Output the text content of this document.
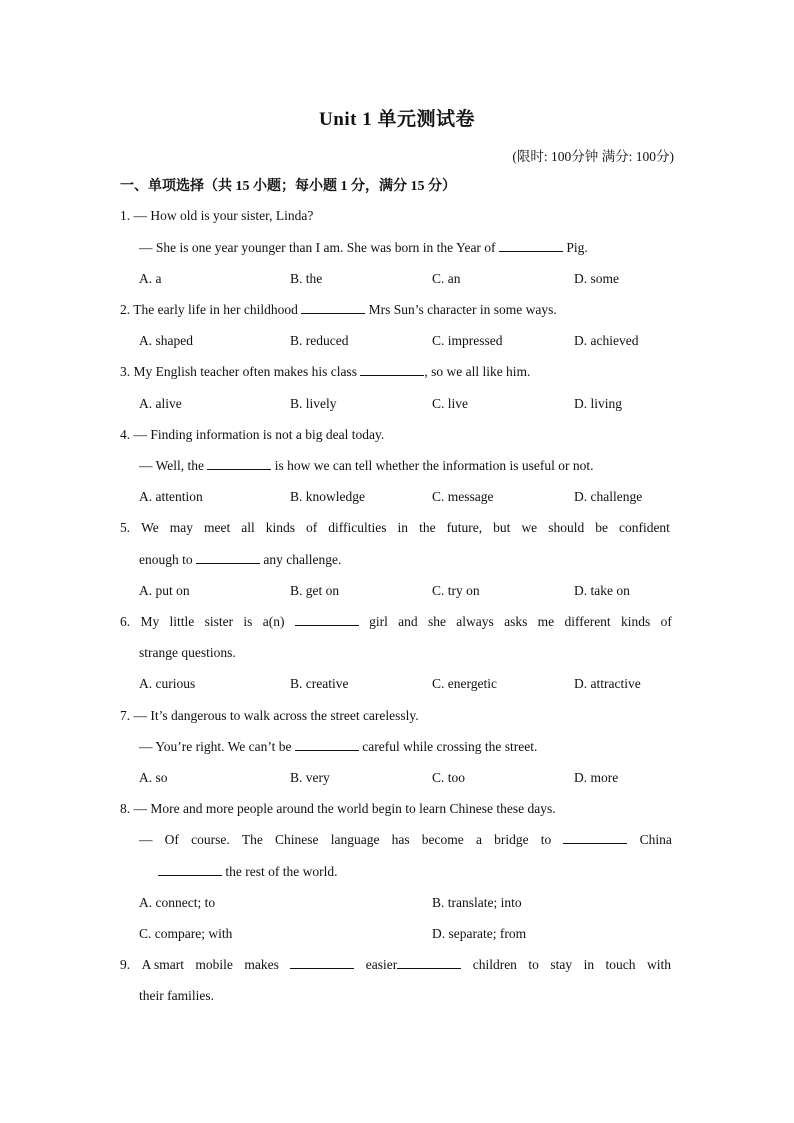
Unit 1 单元测试卷
(限时: 100分钟 满分: 100分)
一、单项选择（共 15 小题；每小题 1 分，满分 15 分）
1. — How old is your sister, Linda?
— She is one year younger than I am. She was born in the Year of	Pig.
A. a	B. the	C. an	D. some
2. The early life in her childhood	Mrs Sun’s character in some ways.
A. shaped	B. reduced	C. impressed	D. achieved
3. My English teacher often makes his class	, so we all like him.
A. alive	B. lively	C. live	D. living
4. — Finding information is not a big deal today.
— Well, the	is how we can tell whether the information is useful or not.
A. attention	B. knowledge	C. message	D. challenge
5. We may meet all kinds of difficulties in the future, but we should be confident
enough to	any challenge.
A. put on	B. get on	C. try on	D. take on
6. My little sister is a(n)	girl and she always asks me different kinds of
strange questions.
A. curious	B. creative	C. energetic	D. attractive
7. — It’s dangerous to walk across the street carelessly.
— You’re right. We can’t be	careful while crossing the street.
A. so	B. very	C. too	D. more
8. — More and more people around the world begin to learn Chinese these days.
— Of course. The Chinese language has become a bridge to	China
the rest of the world.
A. connect; to	B. translate; into
C. compare; with	D. separate; from
9. A smart mobile makes	easier	children to stay in touch with
their families.
